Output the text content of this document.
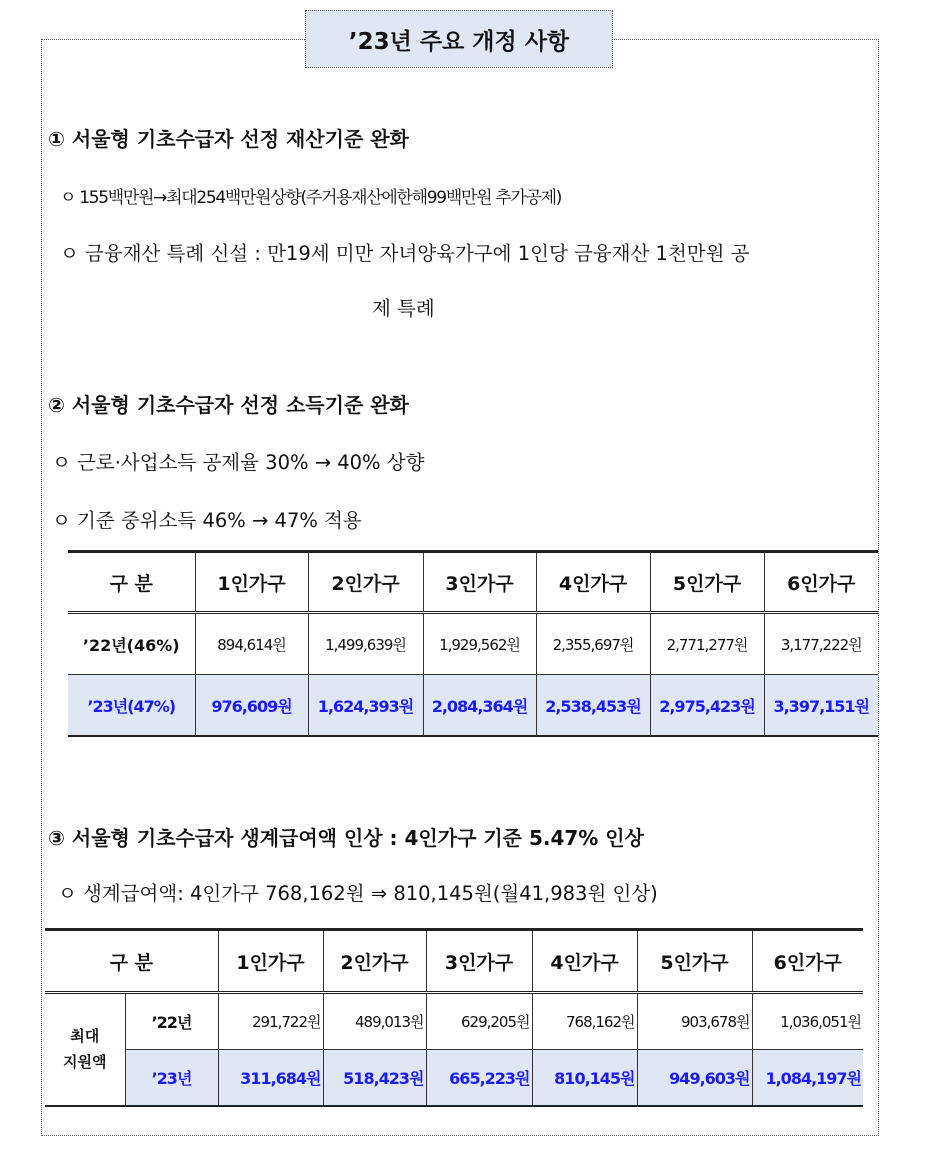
’23년 주요 개정 사항
① 서울형 기초수급자 선정 재산기준 완화
ㅇ 155백만원→최대254백만원상향(주거용재산에한해99백만원 추가공제)
ㅇ 금융재산 특례 신설 : 만19세 미만 자녀양육가구에 1인당 금융재산 1천만원 공
제 특례
② 서울형 기초수급자 선정 소득기준 완화
ㅇ 근로·사업소득 공제율 30% → 40% 상향
ㅇ 기준 중위소득 46% → 47% 적용
구 분	1인가구	2인가구	3인가구	4인가구	5인가구	6인가구
’22년(46%)	894,614원	1,499,639원	1,929,562원	2,355,697원	2,771,277원	3,177,222원
’23년(47%)	976,609원	1,624,393원	2,084,364원	2,538,453원	2,975,423원	3,397,151원
③ 서울형 기초수급자 생계급여액 인상 : 4인가구 기준 5.47% 인상
ㅇ 생계급여액: 4인가구 768,162원 ⇒ 810,145원(월41,983원 인상)
구 분		1인가구	2인가구	3인가구	4인가구	5인가구	6인가구
최대
지원액	’22년	291,722원	489,013원	629,205원	768,162원	903,678원	1,036,051원
	’23년	311,684원	518,423원	665,223원	810,145원	949,603원	1,084,197원
